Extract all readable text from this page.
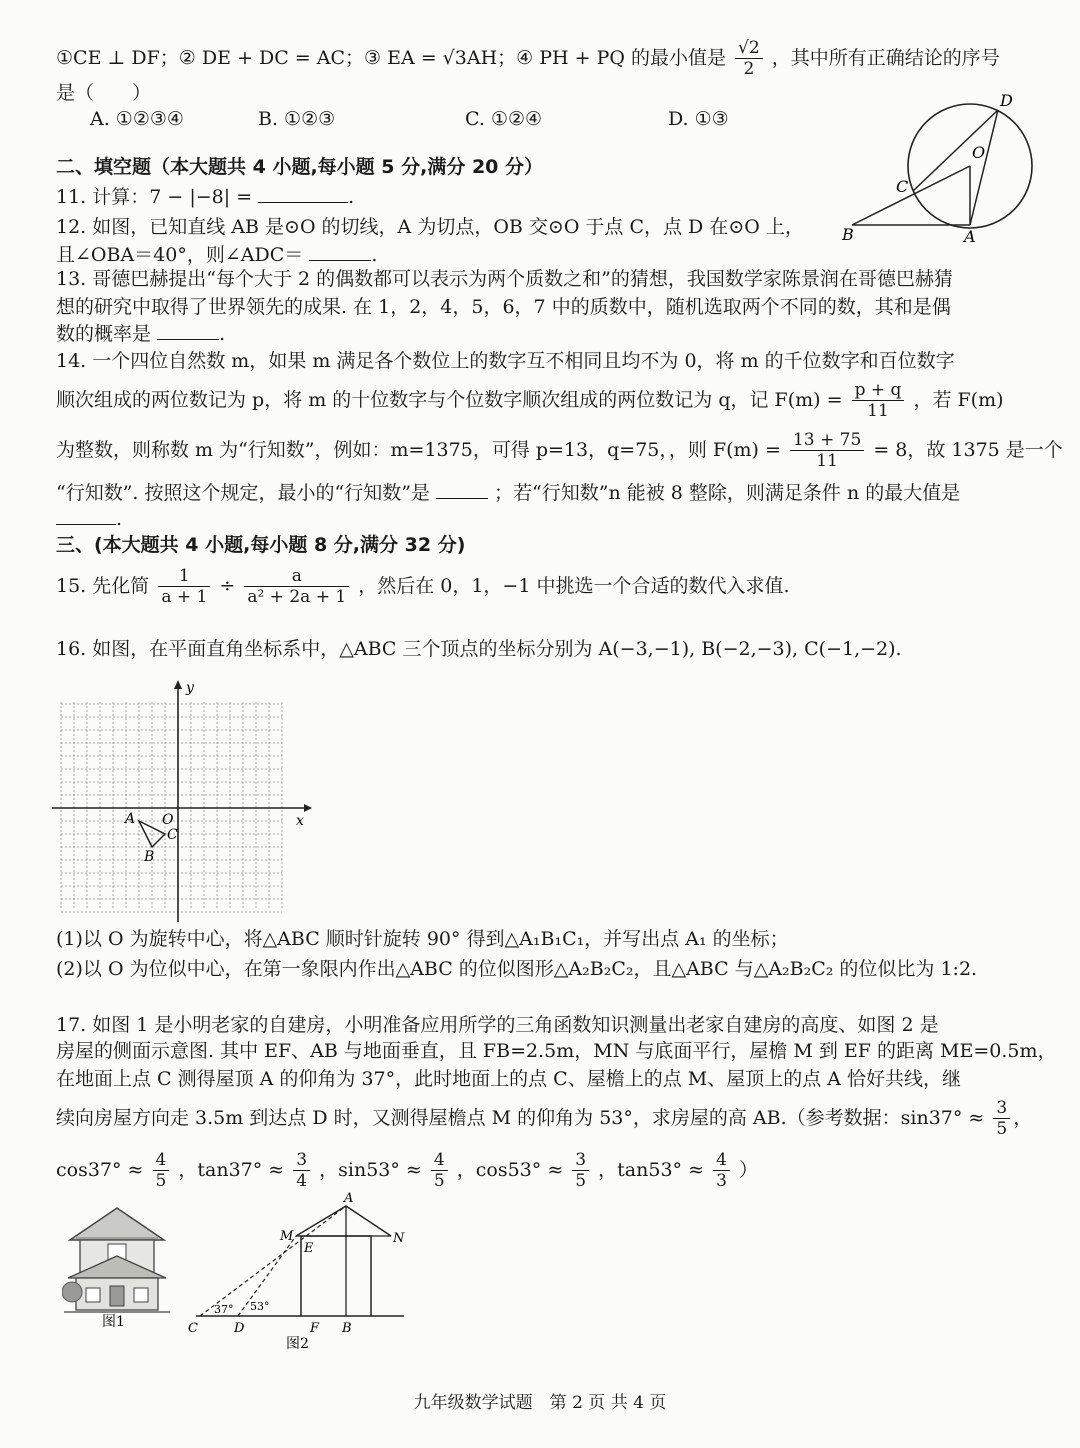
①CE ⊥ DF；② DE + DC = AC；③ EA = √3AH；④ PH + PQ 的最小值是 $\frac{√2}{2}$ ，其中所有正确结论的序号
是（　　）
A. ①②③④	B. ①②③	C. ①②④	D. ①③
D
O
C
B	A
二、填空题（本大题共 4 小题,每小题 5 分,满分 20 分）
11. 计算：7 − |−8| =	.
12. 如图，已知直线 AB 是⊙O 的切线，A 为切点，OB 交⊙O 于点 C，点 D 在⊙O 上，
且∠OBA＝40°，则∠ADC＝	.
13. 哥德巴赫提出“每个大于 2 的偶数都可以表示为两个质数之和”的猜想，我国数学家陈景润在哥德巴赫猜
想的研究中取得了世界领先的成果. 在 1，2，4，5，6，7 中的质数中，随机选取两个不同的数，其和是偶
数的概率是	.
14. 一个四位自然数 m，如果 m 满足各个数位上的数字互不相同且均不为 0，将 m 的千位数字和百位数字
顺次组成的两位数记为 p，将 m 的十位数字与个位数字顺次组成的两位数记为 q，记 $F(m) = \frac{p + q}{11}$ ，若 F(m)
为整数，则称数 m 为“行知数”，例如：m=1375，可得 p=13，q=75，，则 $F(m) = \frac{13 + 75}{11} = 8$，故 1375 是一个
“行知数”. 按照这个规定，最小的“行知数”是	；若“行知数”n 能被 8 整除，则满足条件 n 的最大值是
.
三、(本大题共 4 小题,每小题 8 分,满分 32 分)
15. 先化简 $\frac{1}{a + 1} \div \frac{a}{\text{a² + 2a + 1}}$ ，然后在 0，1，−1 中挑选一个合适的数代入求值.
16. 如图，在平面直角坐标系中，△ABC 三个顶点的坐标分别为 A(−3,−1), B(−2,−3), C(−1,−2).
y
x
O
A
B
C
(1)以 O 为旋转中心，将△ABC 顺时针旋转 90° 得到△A₁B₁C₁，并写出点 A₁ 的坐标；
(2)以 O 为位似中心，在第一象限内作出△ABC 的位似图形△A₂B₂C₂，且△ABC 与△A₂B₂C₂ 的位似比为 1:2.
17. 如图 1 是小明老家的自建房，小明准备应用所学的三角函数知识测量出老家自建房的高度、如图 2 是
房屋的侧面示意图. 其中 EF、AB 与地面垂直，且 FB=2.5m，MN 与底面平行，屋檐 M 到 EF 的距离 ME=0.5m，
在地面上点 C 测得屋顶 A 的仰角为 37°，此时地面上的点 C、屋檐上的点 M、屋顶上的点 A 恰好共线，继
续向房屋方向走 3.5m 到达点 D 时，又测得屋檐点 M 的仰角为 53°，求房屋的高 AB.（参考数据：$\sin 37^\circ \approx \frac{3}{5}$ ，
$\cos 37^\circ \approx \frac{4}{5}$ ，$\tan 37^\circ \approx \frac{3}{4}$ ，$\sin 53^\circ \approx \frac{4}{5}$ ，$\cos 53^\circ \approx \frac{3}{5}$ ，$\tan 53^\circ \approx \frac{4}{3}$ ）
图1
A
M	N
E
C	D	F B
37° 53°
图2
九年级数学试题　第 2 页 共 4 页
